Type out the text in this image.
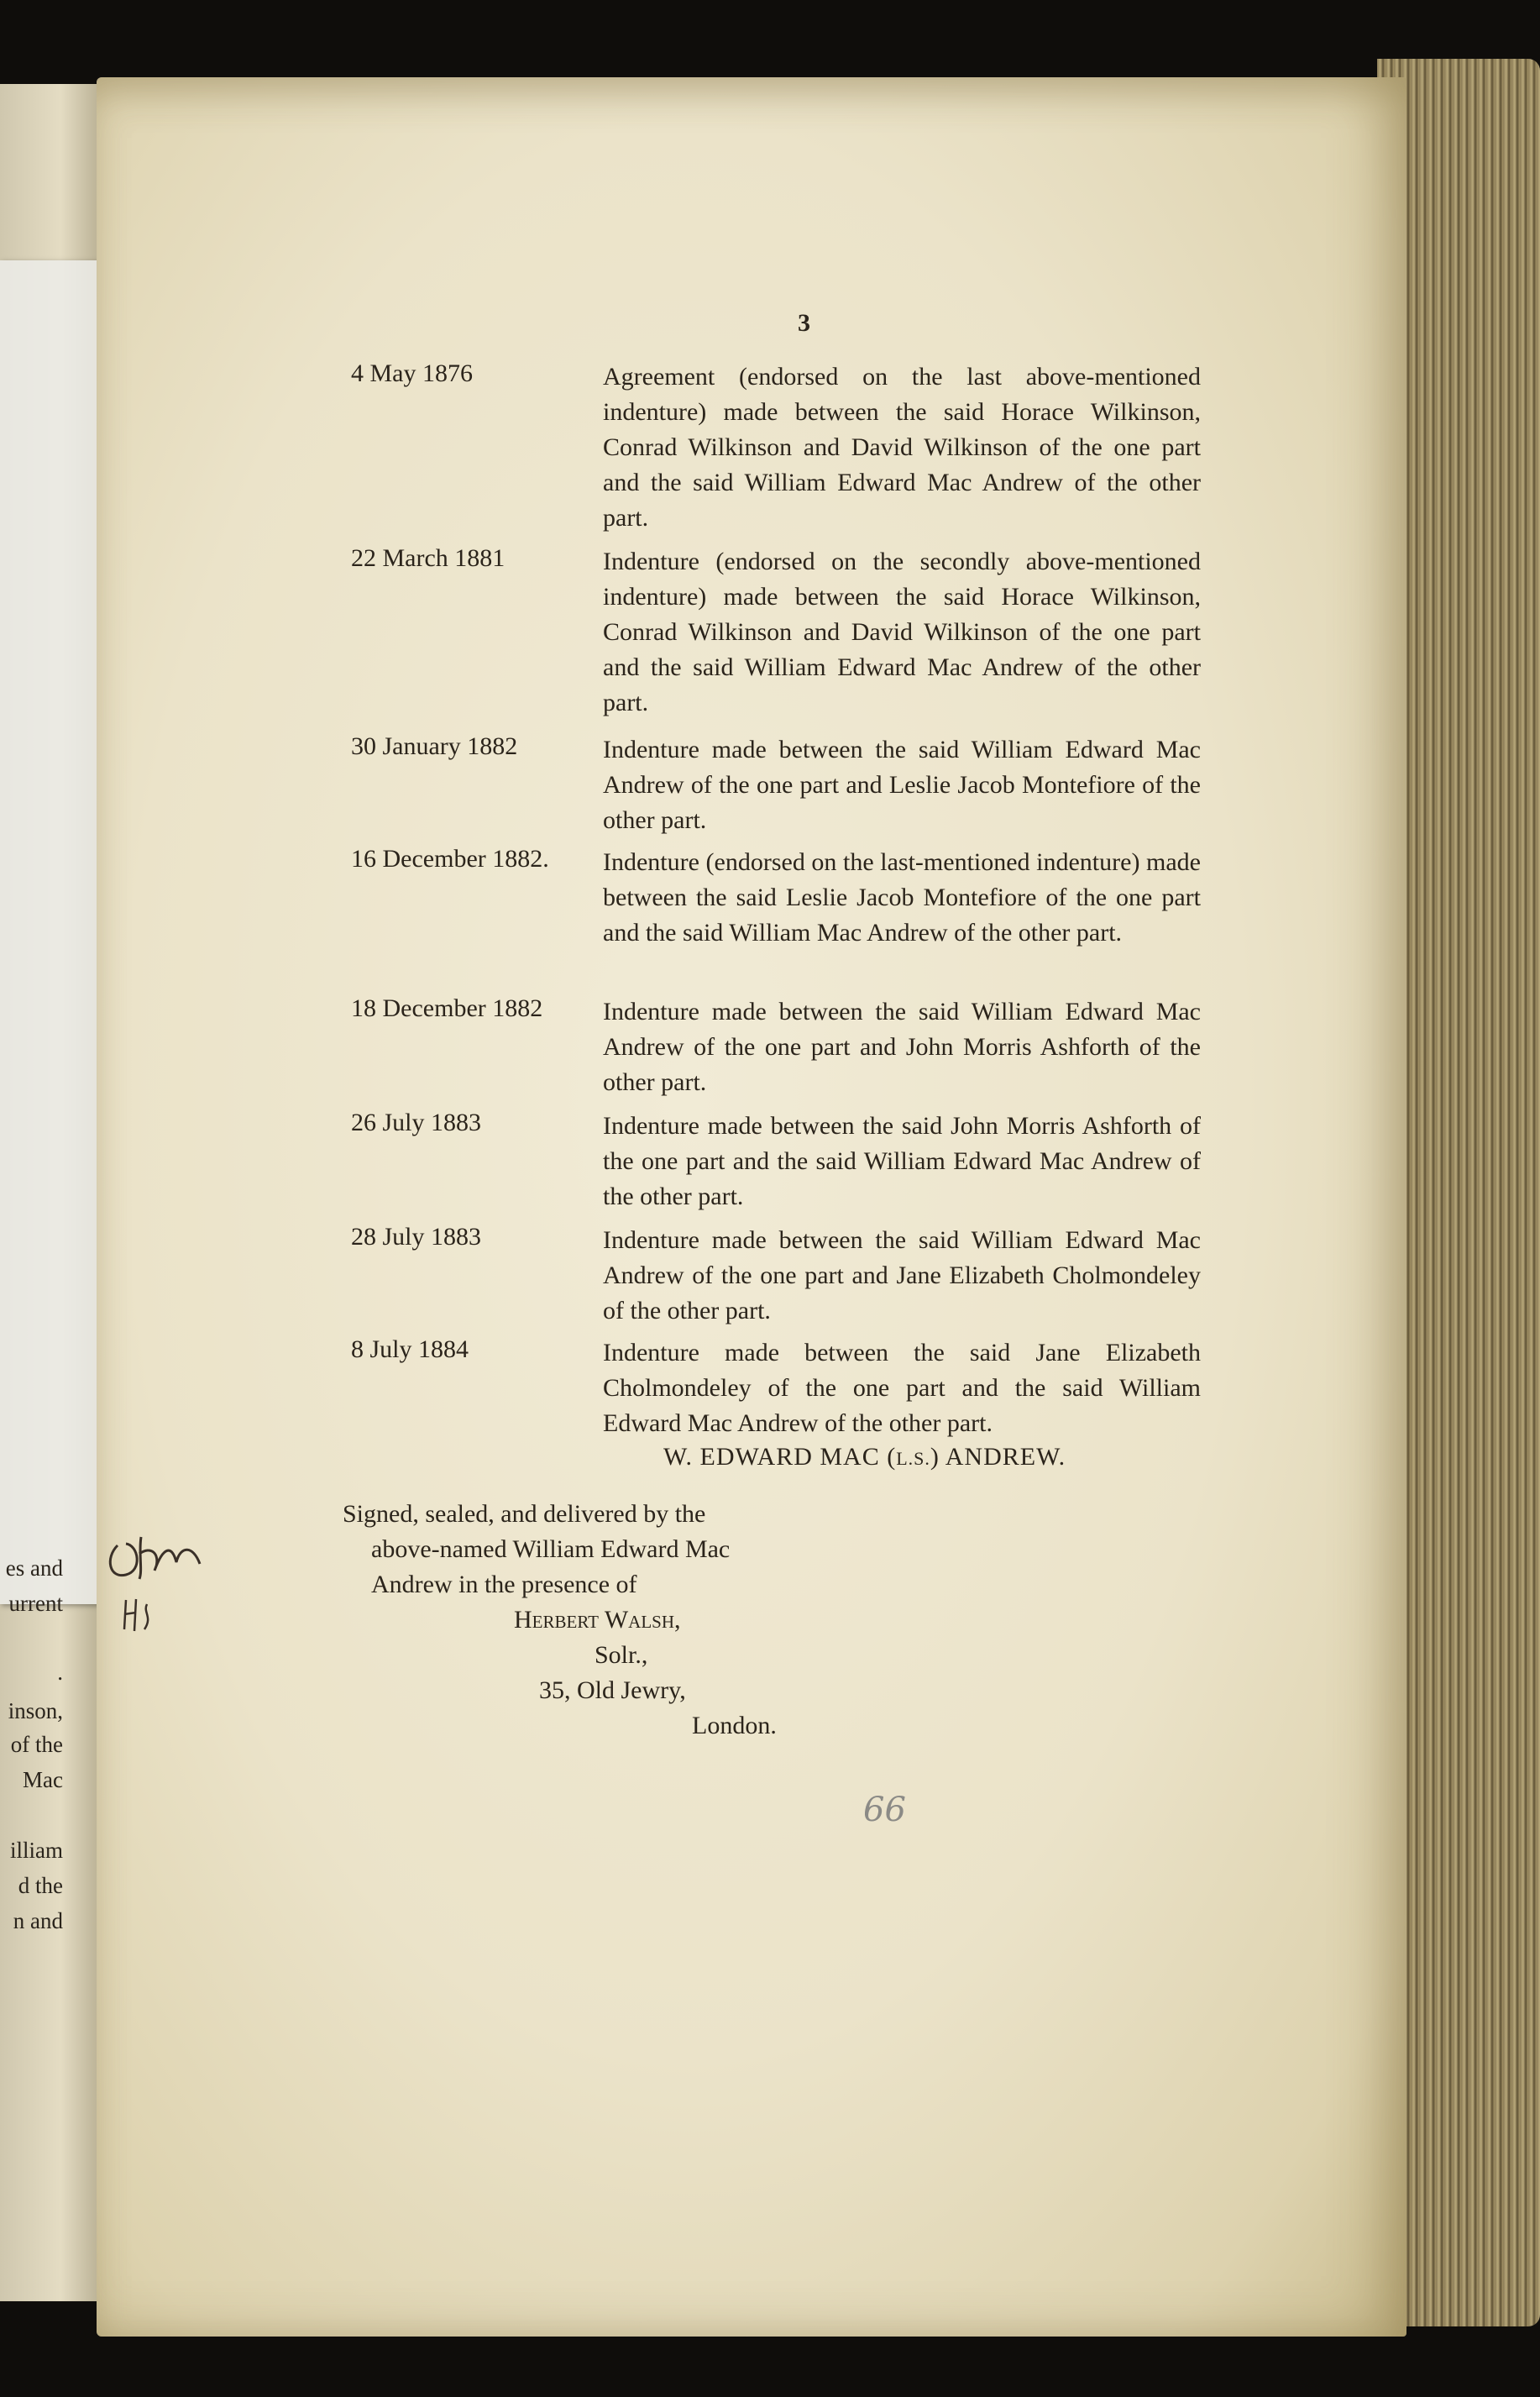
es and
urrent
.
inson,
of the
Mac
illiam
d the
n and
3
4 May 1876	Agreement (endorsed on the last above-mentioned indenture) made between the said Horace Wilkinson, Conrad Wilkinson and David Wilkinson of the one part and the said William Edward Mac Andrew of the other part.
22 March 1881	Indenture (endorsed on the secondly above-mentioned indenture) made between the said Horace Wilkinson, Conrad Wilkinson and David Wilkinson of the one part and the said William Edward Mac Andrew of the other part.
30 January 1882	Indenture made between the said William Edward Mac Andrew of the one part and Leslie Jacob Montefiore of the other part.
16 December 1882. Indenture (endorsed on the last-mentioned indenture) made between the said Leslie Jacob Montefiore of the one part and the said William Mac Andrew of the other part.
18 December 1882 Indenture made between the said William Edward Mac Andrew of the one part and John Morris Ashforth of the other part.
26 July 1883	Indenture made between the said John Morris Ashforth of the one part and the said William Edward Mac Andrew of the other part.
28 July 1883	Indenture made between the said William Edward Mac Andrew of the one part and Jane Elizabeth Cholmondeley of the other part.
8 July 1884	Indenture made between the said Jane Elizabeth Cholmondeley of the one part and the said William Edward Mac Andrew of the other part.
W. EDWARD MAC (L.S.) ANDREW.
Signed, sealed, and delivered by the
above-named William Edward Mac
Andrew in the presence of
Herbert Walsh,
Solr.,
35, Old Jewry,
London.
66
